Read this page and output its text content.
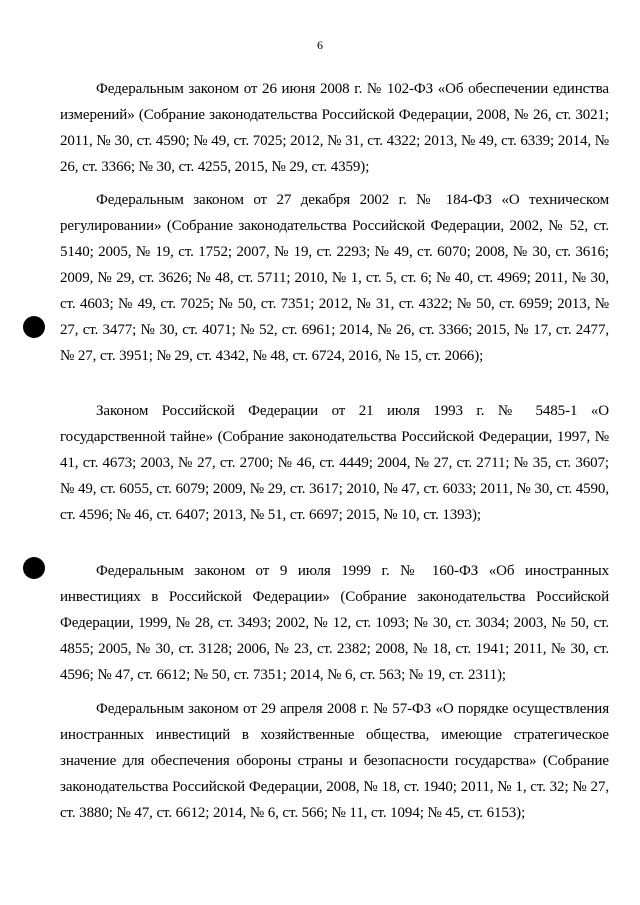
6

Федеральным законом от 26 июня 2008 г. № 102-ФЗ «Об обеспечении единства измерений» (Собрание законодательства Российской Федерации, 2008, № 26, ст. 3021; 2011, № 30, ст. 4590; № 49, ст. 7025; 2012, № 31, ст. 4322; 2013, № 49, ст. 6339; 2014, № 26, ст. 3366; № 30, ст. 4255, 2015, № 29, ст. 4359);

Федеральным законом от 27 декабря 2002 г. № 184-ФЗ «О техническом регулировании» (Собрание законодательства Российской Федерации, 2002, № 52, ст. 5140; 2005, № 19, ст. 1752; 2007, № 19, ст. 2293; № 49, ст. 6070; 2008, № 30, ст. 3616; 2009, № 29, ст. 3626; № 48, ст. 5711; 2010, № 1, ст. 5, ст. 6; № 40, ст. 4969; 2011, № 30, ст. 4603; № 49, ст. 7025; № 50, ст. 7351; 2012, № 31, ст. 4322; № 50, ст. 6959; 2013, № 27, ст. 3477; № 30, ст. 4071; № 52, ст. 6961; 2014, № 26, ст. 3366; 2015, № 17, ст. 2477, № 27, ст. 3951; № 29, ст. 4342, № 48, ст. 6724, 2016, № 15, ст. 2066);

Законом Российской Федерации от 21 июля 1993 г. № 5485-1 «О государственной тайне» (Собрание законодательства Российской Федерации, 1997, № 41, ст. 4673; 2003, № 27, ст. 2700; № 46, ст. 4449; 2004, № 27, ст. 2711; № 35, ст. 3607; № 49, ст. 6055, ст. 6079; 2009, № 29, ст. 3617; 2010, № 47, ст. 6033; 2011, № 30, ст. 4590, ст. 4596; № 46, ст. 6407; 2013, № 51, ст. 6697; 2015, № 10, ст. 1393);

Федеральным законом от 9 июля 1999 г. № 160-ФЗ «Об иностранных инвестициях в Российской Федерации» (Собрание законодательства Российской Федерации, 1999, № 28, ст. 3493; 2002, № 12, ст. 1093; № 30, ст. 3034; 2003, № 50, ст. 4855; 2005, № 30, ст. 3128; 2006, № 23, ст. 2382; 2008, № 18, ст. 1941; 2011, № 30, ст. 4596; № 47, ст. 6612; № 50, ст. 7351; 2014, № 6, ст. 563; № 19, ст. 2311);

Федеральным законом от 29 апреля 2008 г. № 57-ФЗ «О порядке осуществления иностранных инвестиций в хозяйственные общества, имеющие стратегическое значение для обеспечения обороны страны и безопасности государства» (Собрание законодательства Российской Федерации, 2008, № 18, ст. 1940; 2011, № 1, ст. 32; № 27, ст. 3880; № 47, ст. 6612; 2014, № 6, ст. 566; № 11, ст. 1094; № 45, ст. 6153);
